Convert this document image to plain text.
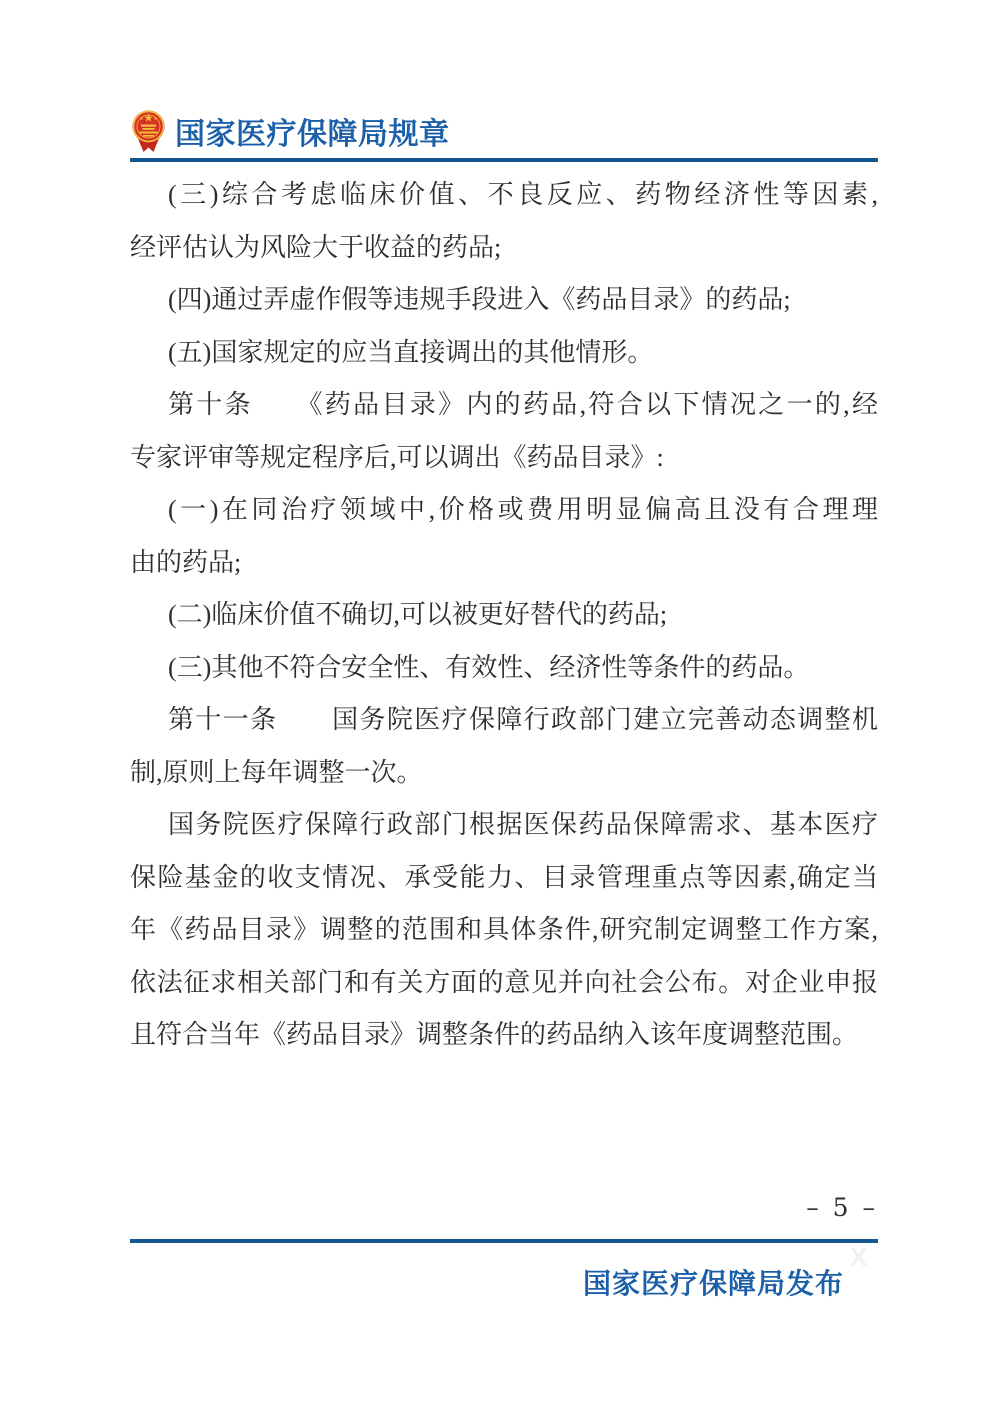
国家医疗保障局规章
(三)综合考虑临床价值、不良反应、药物经济性等因素,
经评估认为风险大于收益的药品;
(四)通过弄虚作假等违规手段进入《药品目录》的药品;
(五)国家规定的应当直接调出的其他情形。
第十条　　《药品目录》内的药品,符合以下情况之一的,经
专家评审等规定程序后,可以调出《药品目录》:
(一)在同治疗领域中,价格或费用明显偏高且没有合理理
由的药品;
(二)临床价值不确切,可以被更好替代的药品;
(三)其他不符合安全性、有效性、经济性等条件的药品。
第十一条　　国务院医疗保障行政部门建立完善动态调整机
制,原则上每年调整一次。
国务院医疗保障行政部门根据医保药品保障需求、基本医疗
保险基金的收支情况、承受能力、目录管理重点等因素,确定当
年《药品目录》调整的范围和具体条件,研究制定调整工作方案,
依法征求相关部门和有关方面的意见并向社会公布。对企业申报
且符合当年《药品目录》调整条件的药品纳入该年度调整范围。
– 5 –
X
国家医疗保障局发布
